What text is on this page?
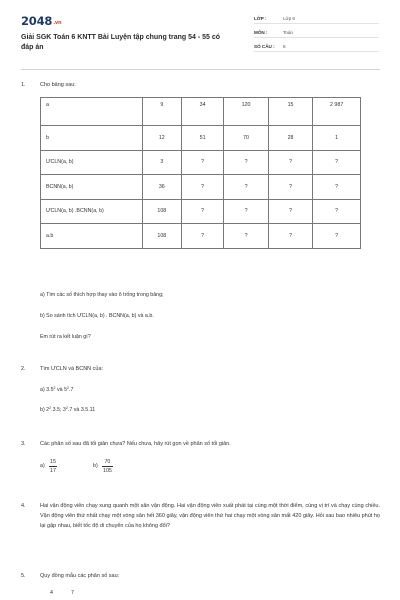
2048.vn
Giải SGK Toán 6 KNTT Bài Luyện tập chung trang 54 - 55 có đáp án
LỚP :	Lớp 6
MÔN :	Toán
SỐ CÂU : 8
1.	Cho bảng sau:
a	9	34	120	15	2 987
b	12	51	70	28	1
ƯCLN(a, b)	3	?	?	?	?
BCNN(a, b)	36	?	?	?	?
ƯCLN(a, b) .BCNN(a, b)	108	?	?	?	?
a.b	108	?	?	?	?
a) Tìm các số thích hợp thay vào ô trống trong bảng;
b) So sánh tích ƯCLN(a, b) . BCNN(a, b) và a.b.
Em rút ra kết luận gì?
2.	Tìm ƯCLN và BCNN của:
a) $3.5^2$ và $5^2.7$
b) $2^2.3.5$; $3^2.7$ và 3.5.11
3.	Các phân số sau đã tối giản chưa? Nếu chưa, hãy rút gọn về phân số tối giản.
a)
15
17
b)
70
105
4.	Hai vận động viên chạy xung quanh một sân vận động. Hai vận động viên xuất phát tại cùng một thời điểm, cùng vị trí và chạy cùng chiều. Vận động viên thứ nhất chạy một vòng sân hết 360 giây, vận động viên thứ hai chạy một vòng sân mất 420 giây. Hỏi sau bao nhiêu phút họ lại gặp nhau, biết tốc độ di chuyển của họ không đổi?
5.	Quy đồng mẫu các phân số sau:
4	7
